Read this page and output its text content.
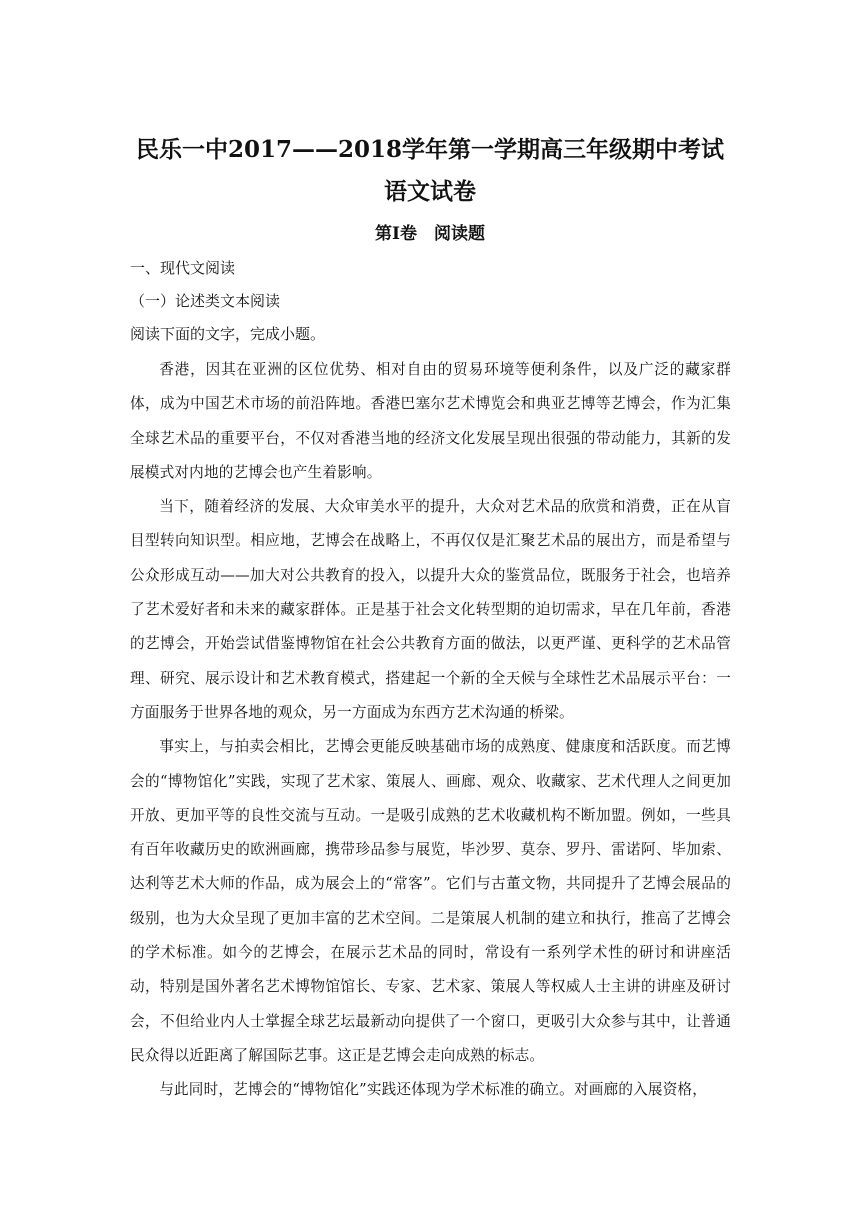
民乐一中2017——2018学年第一学期高三年级期中考试
语文试卷
第Ⅰ卷　阅读题
一、现代文阅读
（一）论述类文本阅读
阅读下面的文字，完成小题。

香港，因其在亚洲的区位优势、相对自由的贸易环境等便利条件，以及广泛的藏家群体，成为中国艺术市场的前沿阵地。香港巴塞尔艺术博览会和典亚艺博等艺博会，作为汇集全球艺术品的重要平台，不仅对香港当地的经济文化发展呈现出很强的带动能力，其新的发展模式对内地的艺博会也产生着影响。

当下，随着经济的发展、大众审美水平的提升，大众对艺术品的欣赏和消费，正在从盲目型转向知识型。相应地，艺博会在战略上，不再仅仅是汇聚艺术品的展出方，而是希望与公众形成互动——加大对公共教育的投入，以提升大众的鉴赏品位，既服务于社会，也培养了艺术爱好者和未来的藏家群体。正是基于社会文化转型期的迫切需求，早在几年前，香港的艺博会，开始尝试借鉴博物馆在社会公共教育方面的做法，以更严谨、更科学的艺术品管理、研究、展示设计和艺术教育模式，搭建起一个新的全天候与全球性艺术品展示平台：一方面服务于世界各地的观众，另一方面成为东西方艺术沟通的桥梁。

事实上，与拍卖会相比，艺博会更能反映基础市场的成熟度、健康度和活跃度。而艺博会的“博物馆化”实践，实现了艺术家、策展人、画廊、观众、收藏家、艺术代理人之间更加开放、更加平等的良性交流与互动。一是吸引成熟的艺术收藏机构不断加盟。例如，一些具有百年收藏历史的欧洲画廊，携带珍品参与展览，毕沙罗、莫奈、罗丹、雷诺阿、毕加索、达利等艺术大师的作品，成为展会上的“常客”。它们与古董文物，共同提升了艺博会展品的级别，也为大众呈现了更加丰富的艺术空间。二是策展人机制的建立和执行，推高了艺博会的学术标准。如今的艺博会，在展示艺术品的同时，常设有一系列学术性的研讨和讲座活动，特别是国外著名艺术博物馆馆长、专家、艺术家、策展人等权威人士主讲的讲座及研讨会，不但给业内人士掌握全球艺坛最新动向提供了一个窗口，更吸引大众参与其中，让普通民众得以近距离了解国际艺事。这正是艺博会走向成熟的标志。

与此同时，艺博会的“博物馆化”实践还体现为学术标准的确立。对画廊的入展资格，
